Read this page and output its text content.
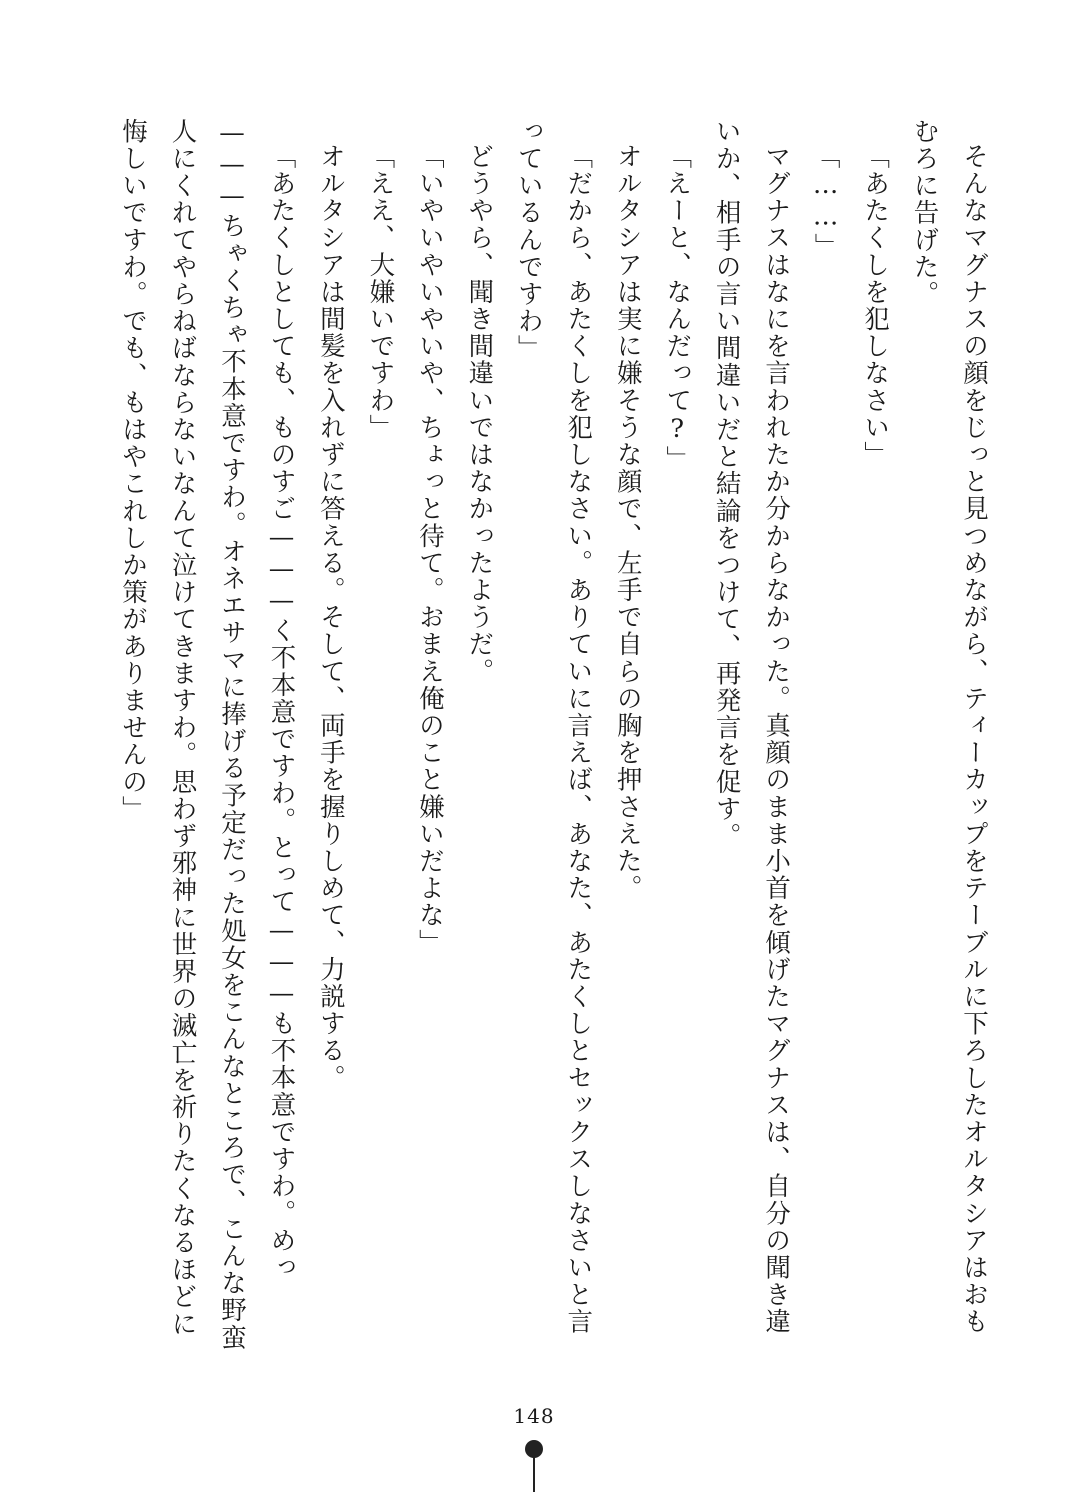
そんなマグナスの顔をじっと見つめながら、ティーカップをテーブルに下ろしたオルタシアはおもむろに告げた。

「あたくしを犯しなさい」

「……」

マグナスはなにを言われたか分からなかった。真顔のまま小首を傾げたマグナスは、自分の聞き違いか、相手の言い間違いだと結論をつけて、再発言を促す。

「えーと、なんだって?」

オルタシアは実に嫌そうな顔で、左手で自らの胸を押さえた。

「だから、あたくしを犯しなさい。ありていに言えば、あなた、あたくしとセックスしなさいと言っているんですわ」

どうやら、聞き間違いではなかったようだ。

「いやいやいやいや、ちょっと待て。おまえ俺のこと嫌いだよな」

「ええ、大嫌いですわ」

オルタシアは間髪を入れずに答える。そして、両手を握りしめて、力説する。

「あたくしとしても、ものすご———く不本意ですわ。とって———も不本意ですわ。めっ———ちゃくちゃ不本意ですわ。オネエサマに捧げる予定だった処女をこんなところで、こんな野蛮人にくれてやらねばならないなんて泣けてきますわ。思わず邪神に世界の滅亡を祈りたくなるほどに悔しいですわ。でも、もはやこれしか策がありませんの」

148
